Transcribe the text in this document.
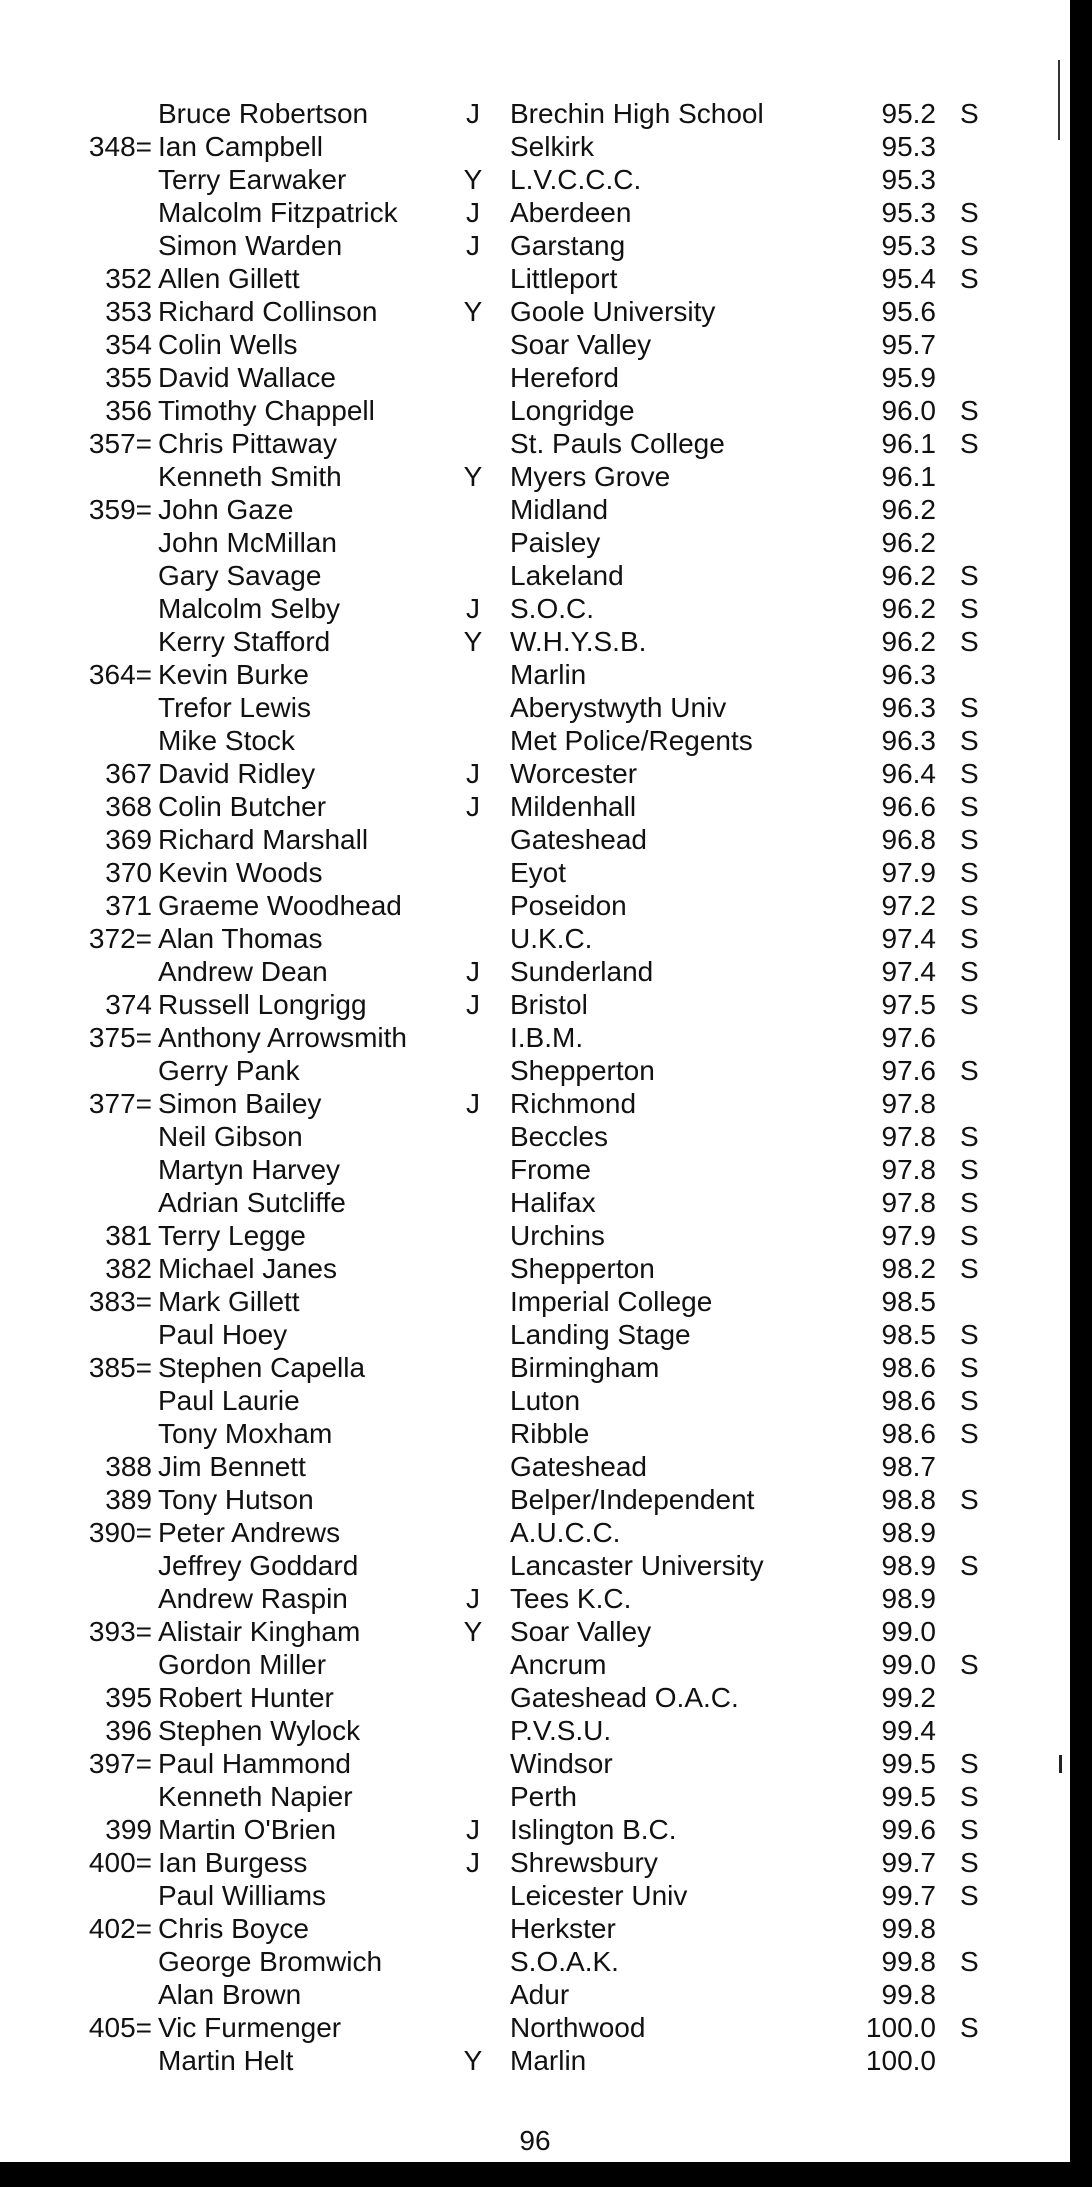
Bruce Robertson	J Brechin High School	95.2 S
348= Ian Campbell	Selkirk	95.3
Terry Earwaker	Y L.V.C.C.C.	95.3
Malcolm Fitzpatrick J Aberdeen	95.3 S
Simon Warden	J Garstang	95.3 S
352 Allen Gillett	Littleport	95.4 S
353 Richard Collinson	Y Goole University	95.6
354 Colin Wells	Soar Valley	95.7
355 David Wallace	Hereford	95.9
356 Timothy Chappell	Longridge	96.0 S
357= Chris Pittaway	St. Pauls College	96.1 S
Kenneth Smith	Y Myers Grove	96.1
359= John Gaze	Midland	96.2
John McMillan	Paisley	96.2
Gary Savage	Lakeland	96.2 S
Malcolm Selby	J S.O.C.	96.2 S
Kerry Stafford	Y W.H.Y.S.B.	96.2 S
364= Kevin Burke	Marlin	96.3
Trefor Lewis	Aberystwyth Univ	96.3 S
Mike Stock	Met Police/Regents	96.3 S
367 David Ridley	J Worcester	96.4 S
368 Colin Butcher	J Mildenhall	96.6 S
369 Richard Marshall	Gateshead	96.8 S
370 Kevin Woods	Eyot	97.9 S
371 Graeme Woodhead	Poseidon	97.2 S
372= Alan Thomas	U.K.C.	97.4 S
Andrew Dean	J Sunderland	97.4 S
374 Russell Longrigg	J Bristol	97.5 S
375= Anthony Arrowsmith	I.B.M.	97.6
Gerry Pank	Shepperton	97.6 S
377= Simon Bailey	J Richmond	97.8
Neil Gibson	Beccles	97.8 S
Martyn Harvey	Frome	97.8 S
Adrian Sutcliffe	Halifax	97.8 S
381 Terry Legge	Urchins	97.9 S
382 Michael Janes	Shepperton	98.2 S
383= Mark Gillett	Imperial College	98.5
Paul Hoey	Landing Stage	98.5 S
385= Stephen Capella	Birmingham	98.6 S
Paul Laurie	Luton	98.6 S
Tony Moxham	Ribble	98.6 S
388 Jim Bennett	Gateshead	98.7
389 Tony Hutson	Belper/Independent	98.8 S
390= Peter Andrews	A.U.C.C.	98.9
Jeffrey Goddard	Lancaster University	98.9 S
Andrew Raspin	J Tees K.C.	98.9
393= Alistair Kingham	Y Soar Valley	99.0
Gordon Miller	Ancrum	99.0 S
395 Robert Hunter	Gateshead O.A.C.	99.2
396 Stephen Wylock	P.V.S.U.	99.4
397= Paul Hammond	Windsor	99.5 S
Kenneth Napier	Perth	99.5 S
399 Martin O'Brien	J Islington B.C.	99.6 S
400= Ian Burgess	J Shrewsbury	99.7 S
Paul Williams	Leicester Univ	99.7 S
402= Chris Boyce	Herkster	99.8
George Bromwich	S.O.A.K.	99.8 S
Alan Brown	Adur	99.8
405= Vic Furmenger	Northwood	100.0 S
Martin Helt	Y Marlin	100.0
96
